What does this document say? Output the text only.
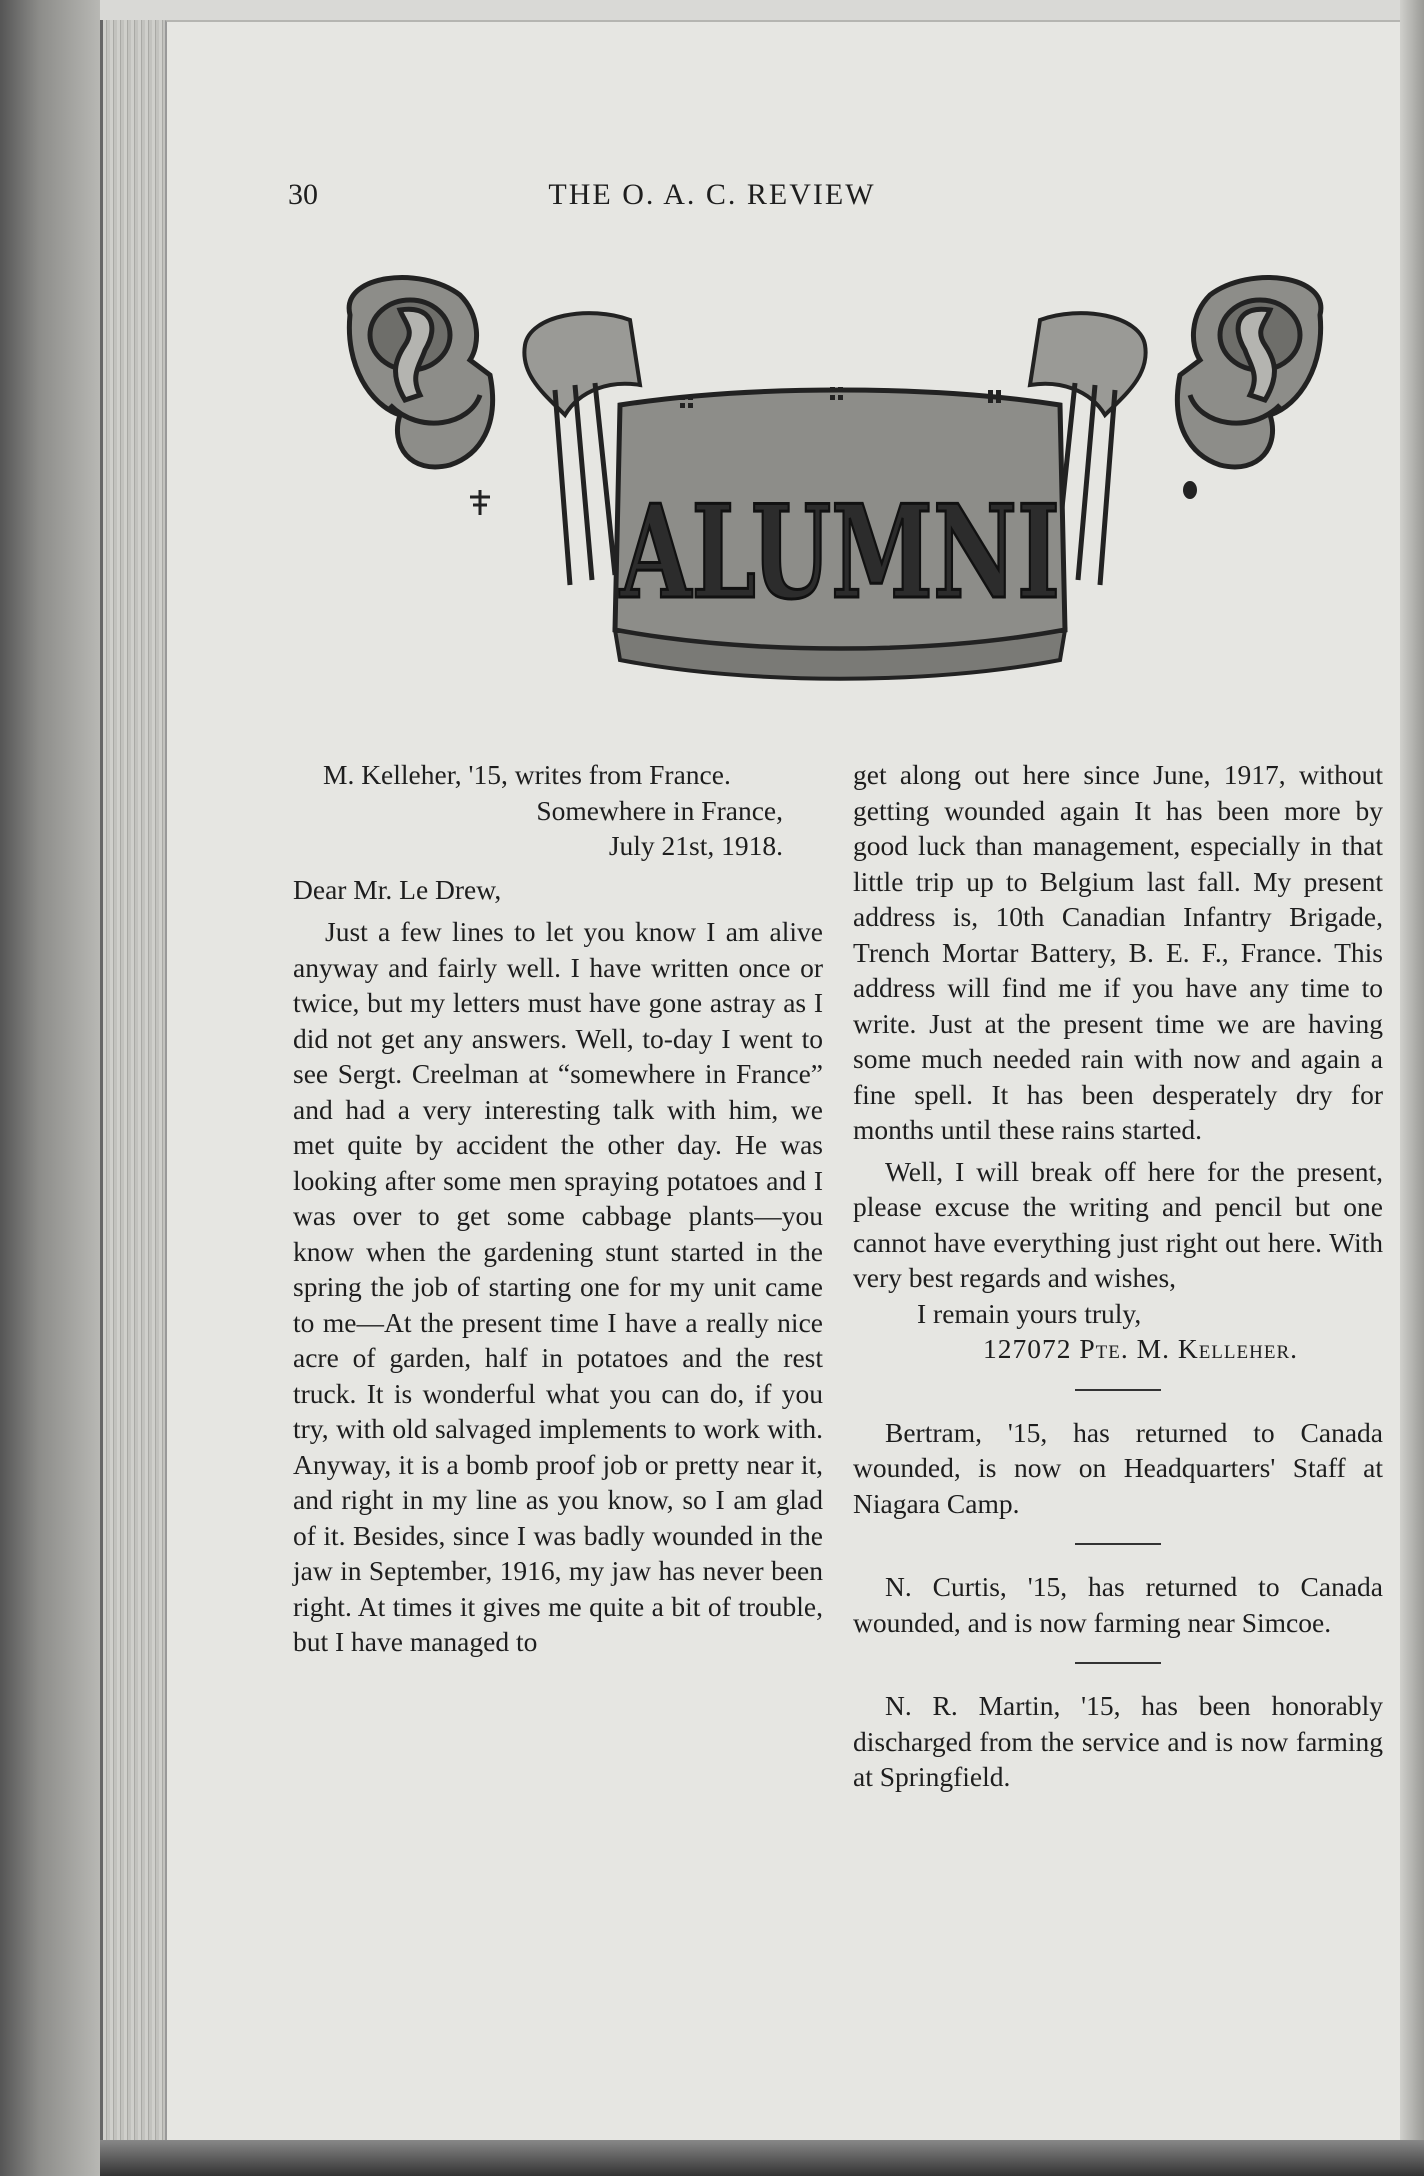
30	THE O. A. C. REVIEW
ALUMNI
M. Kelleher, '15, writes from France.
Somewhere in France,
July 21st, 1918.
Dear Mr. Le Drew,

Just a few lines to let you know I am alive anyway and fairly well. I have written once or twice, but my letters must have gone astray as I did not get any answers. Well, to-day I went to see Sergt. Creelman at “somewhere in France” and had a very interesting talk with him, we met quite by accident the other day. He was looking after some men spraying potatoes and I was over to get some cabbage plants—you know when the gardening stunt started in the spring the job of starting one for my unit came to me—At the present time I have a really nice acre of garden, half in potatoes and the rest truck. It is wonderful what you can do, if you try, with old salvaged implements to work with. Anyway, it is a bomb proof job or pretty near it, and right in my line as you know, so I am glad of it. Besides, since I was badly wounded in the jaw in September, 1916, my jaw has never been right. At times it gives me quite a bit of trouble, but I have managed to

get along out here since June, 1917, without getting wounded again It has been more by good luck than management, especially in that little trip up to Belgium last fall. My present address is, 10th Canadian Infantry Brigade, Trench Mortar Battery, B. E. F., France. This address will find me if you have any time to write. Just at the present time we are having some much needed rain with now and again a fine spell. It has been desperately dry for months until these rains started.

Well, I will break off here for the present, please excuse the writing and pencil but one cannot have everything just right out here. With very best regards and wishes,

I remain yours truly,
127072 Pte. M. Kelleher.

Bertram, '15, has returned to Canada wounded, is now on Headquarters' Staff at Niagara Camp.

N. Curtis, '15, has returned to Canada wounded, and is now farming near Simcoe.

N. R. Martin, '15, has been honorably discharged from the service and is now farming at Springfield.
